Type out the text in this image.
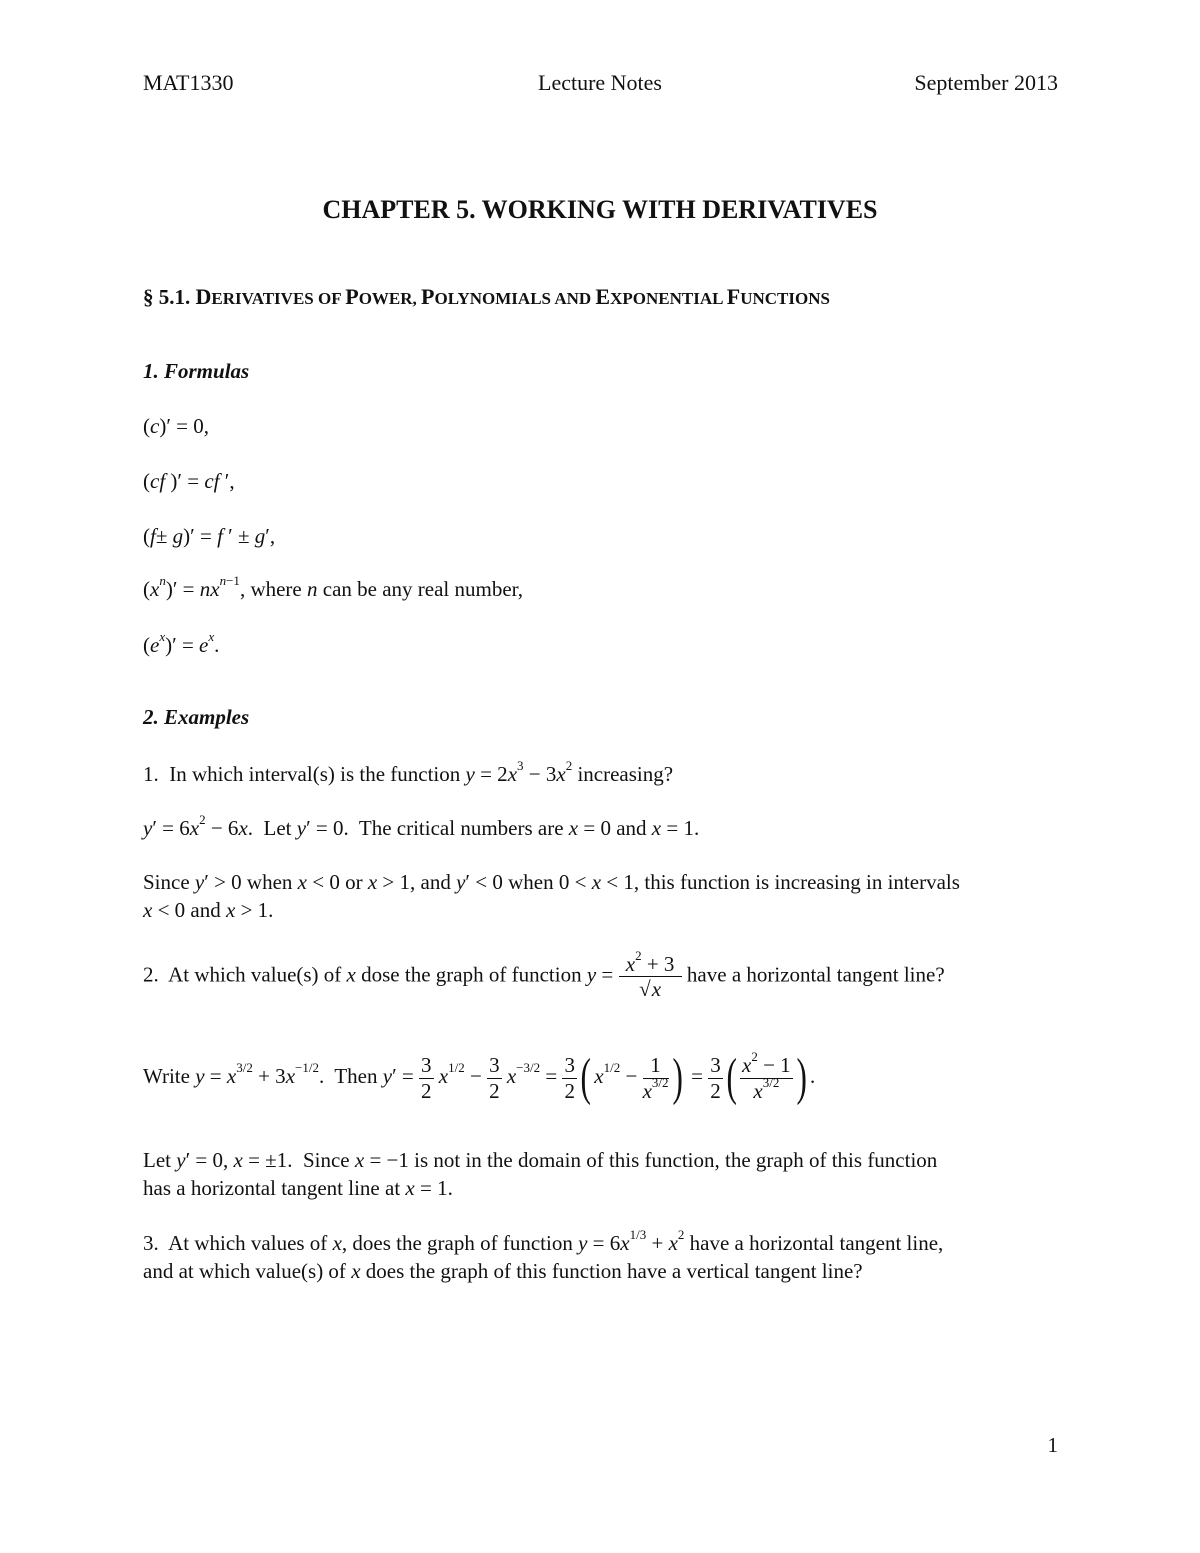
MAT1330	Lecture Notes	September 2013
CHAPTER 5. WORKING WITH DERIVATIVES
§ 5.1. DERIVATIVES OF POWER, POLYNOMIALS AND EXPONENTIAL FUNCTIONS
1. Formulas
(c)′ = 0,
(cf )′ = cf ′,
(f± g)′ = f ′ ± g′,
$(x^n)' = nx^{n-1}$, where n can be any real number,
$(e^x)' = e^x$.
2. Examples
1.  In which interval(s) is the function $y = 2x^3 - 3x^2$ increasing?
$y' = 6x^2 - 6x$.  Let y′ = 0.  The critical numbers are x = 0 and x = 1.
Since y′ > 0 when x < 0 or x > 1, and y′ < 0 when 0 < x < 1, this function is increasing in intervals
x < 0 and x > 1.
2.  At which value(s) of x dose the graph of function $y = \frac{x^2 + 3}{√x}$ have a horizontal tangent line?
Write $y = x^{3/2} + 3x^{-1/2}$.  Then $y' = \frac{3}{2} x^{1/2} - \frac{3}{2} x^{-3/2} = \frac{3}{2}$ ( $x^{1/2} - \frac{1}{x^{3/2}}$ ) = $\frac{3}{2}$ ( $\frac{x^2 - 1}{x^{3/2}}$ ) .
Let y′ = 0, x = ±1.  Since x = −1 is not in the domain of this function, the graph of this function
has a horizontal tangent line at x = 1.
3.  At which values of x, does the graph of function $y = 6x^{1/3} + x^2$ have a horizontal tangent line,
and at which value(s) of x does the graph of this function have a vertical tangent line?
1
